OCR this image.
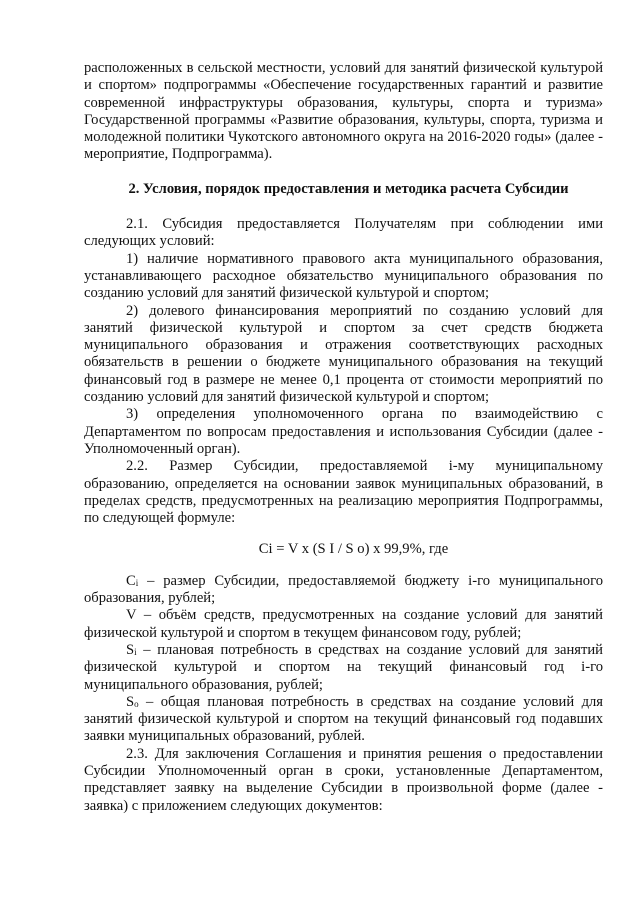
расположенных в сельской местности, условий для занятий физической культурой и спортом» подпрограммы «Обеспечение государственных гарантий и развитие современной инфраструктуры образования, культуры, спорта и туризма» Государственной программы «Развитие образования, культуры, спорта, туризма и молодежной политики Чукотского автономного округа на 2016-2020 годы» (далее - мероприятие, Подпрограмма).

2. Условия, порядок предоставления и методика расчета Субсидии

2.1. Субсидия предоставляется Получателям при соблюдении ими следующих условий:

1) наличие нормативного правового акта муниципального образования, устанавливающего расходное обязательство муниципального образования по созданию условий для занятий физической культурой и спортом;

2) долевого финансирования мероприятий по созданию условий для занятий физической культурой и спортом за счет средств бюджета муниципального образования и отражения соответствующих расходных обязательств в решении о бюджете муниципального образования на текущий финансовый год в размере не менее 0,1 процента от стоимости мероприятий по созданию условий для занятий физической культурой и спортом;

3) определения уполномоченного органа по взаимодействию с Департаментом по вопросам предоставления и использования Субсидии (далее - Уполномоченный орган).

2.2. Размер Субсидии, предоставляемой i-му муниципальному образованию, определяется на основании заявок муниципальных образований, в пределах средств, предусмотренных на реализацию мероприятия Подпрограммы, по следующей формуле:

Ci = V x (S I / S o) x 99,9%, где

$C_i$ – размер Субсидии, предоставляемой бюджету i-го муниципального образования, рублей;

V – объём средств, предусмотренных на создание условий для занятий физической культурой и спортом в текущем финансовом году, рублей;

$S_i$ – плановая потребность в средствах на создание условий для занятий физической культурой и спортом на текущий финансовый год i-го муниципального образования, рублей;

$S_o$ – общая плановая потребность в средствах на создание условий для занятий физической культурой и спортом на текущий финансовый год подавших заявки муниципальных образований, рублей.

2.3. Для заключения Соглашения и принятия решения о предоставлении Субсидии Уполномоченный орган в сроки, установленные Департаментом, представляет заявку на выделение Субсидии в произвольной форме (далее - заявка) с приложением следующих документов:
